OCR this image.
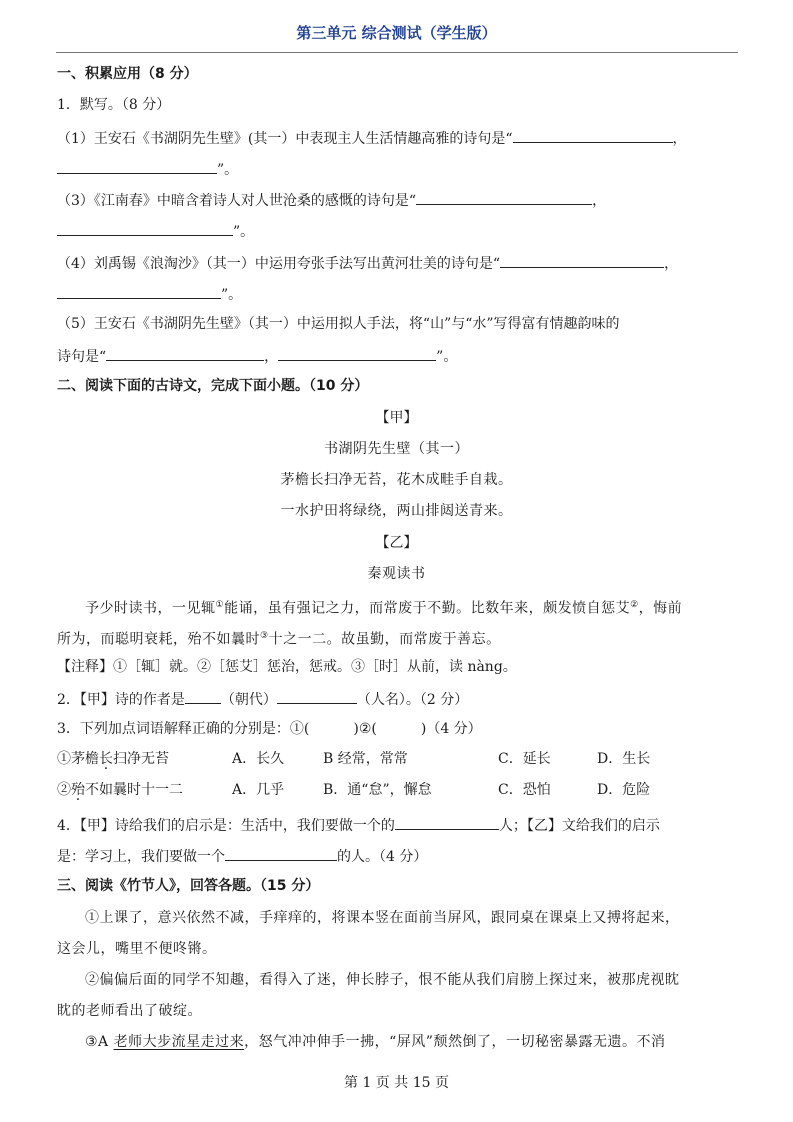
第三单元 综合测试（学生版）
一、积累应用（8 分）
1．默写。（8 分）
（1）王安石《书湖阴先生壁》(其一）中表现主人生活情趣高雅的诗句是“	，
”。
（3）《江南春》中暗含着诗人对人世沧桑的感慨的诗句是“	，
”。
（4）刘禹锡《浪淘沙》（其一）中运用夸张手法写出黄河壮美的诗句是“	，
”。
（5）王安石《书湖阴先生壁》（其一）中运用拟人手法，将“山”与“水”写得富有情趣韵味的
诗句是“	，	”。
二、阅读下面的古诗文，完成下面小题。（10 分）
【甲】
书湖阴先生壁（其一）
茅檐长扫净无苔，花木成畦手自栽。
一水护田将绿绕，两山排闼送青来。
【乙】
秦观读书
予少时读书，一见辄①能诵，虽有强记之力，而常废于不勤。比数年来，颇发愤自惩艾②，悔前
所为，而聪明衰耗，殆不如曩时③十之一二。故虽勤，而常废于善忘。
【注释】①［辄］就。②［惩艾］惩治，惩戒。③［时］从前，读 nàng。
2．【甲】诗的作者是	（朝代）	（人名）。（2 分）
3．下列加点词语解释正确的分别是：①(	)②(	)（4 分）
①茅檐长扫净无苔	A．长久	B 经常，常常	C．延长	D．生长
②殆不如曩时十一二	A．几乎	B．通“怠”，懈怠	C．恐怕	D．危险
4．【甲】诗给我们的启示是：生活中，我们要做一个的	人；【乙】文给我们的启示
是：学习上，我们要做一个	的人。（4 分）
三、阅读《竹节人》，回答各题。（15 分）
①上课了，意兴依然不减，手痒痒的，将课本竖在面前当屏风，跟同桌在课桌上又搏将起来，
这会儿，嘴里不便咚锵。
②偏偏后面的同学不知趣，看得入了迷，伸长脖子，恨不能从我们肩膀上探过来，被那虎视眈
眈的老师看出了破绽。
③A 老师大步流星走过来，怒气冲冲伸手一拂，“屏风”颓然倒了，一切秘密暴露无遗。不消
第 1 页 共 15 页
